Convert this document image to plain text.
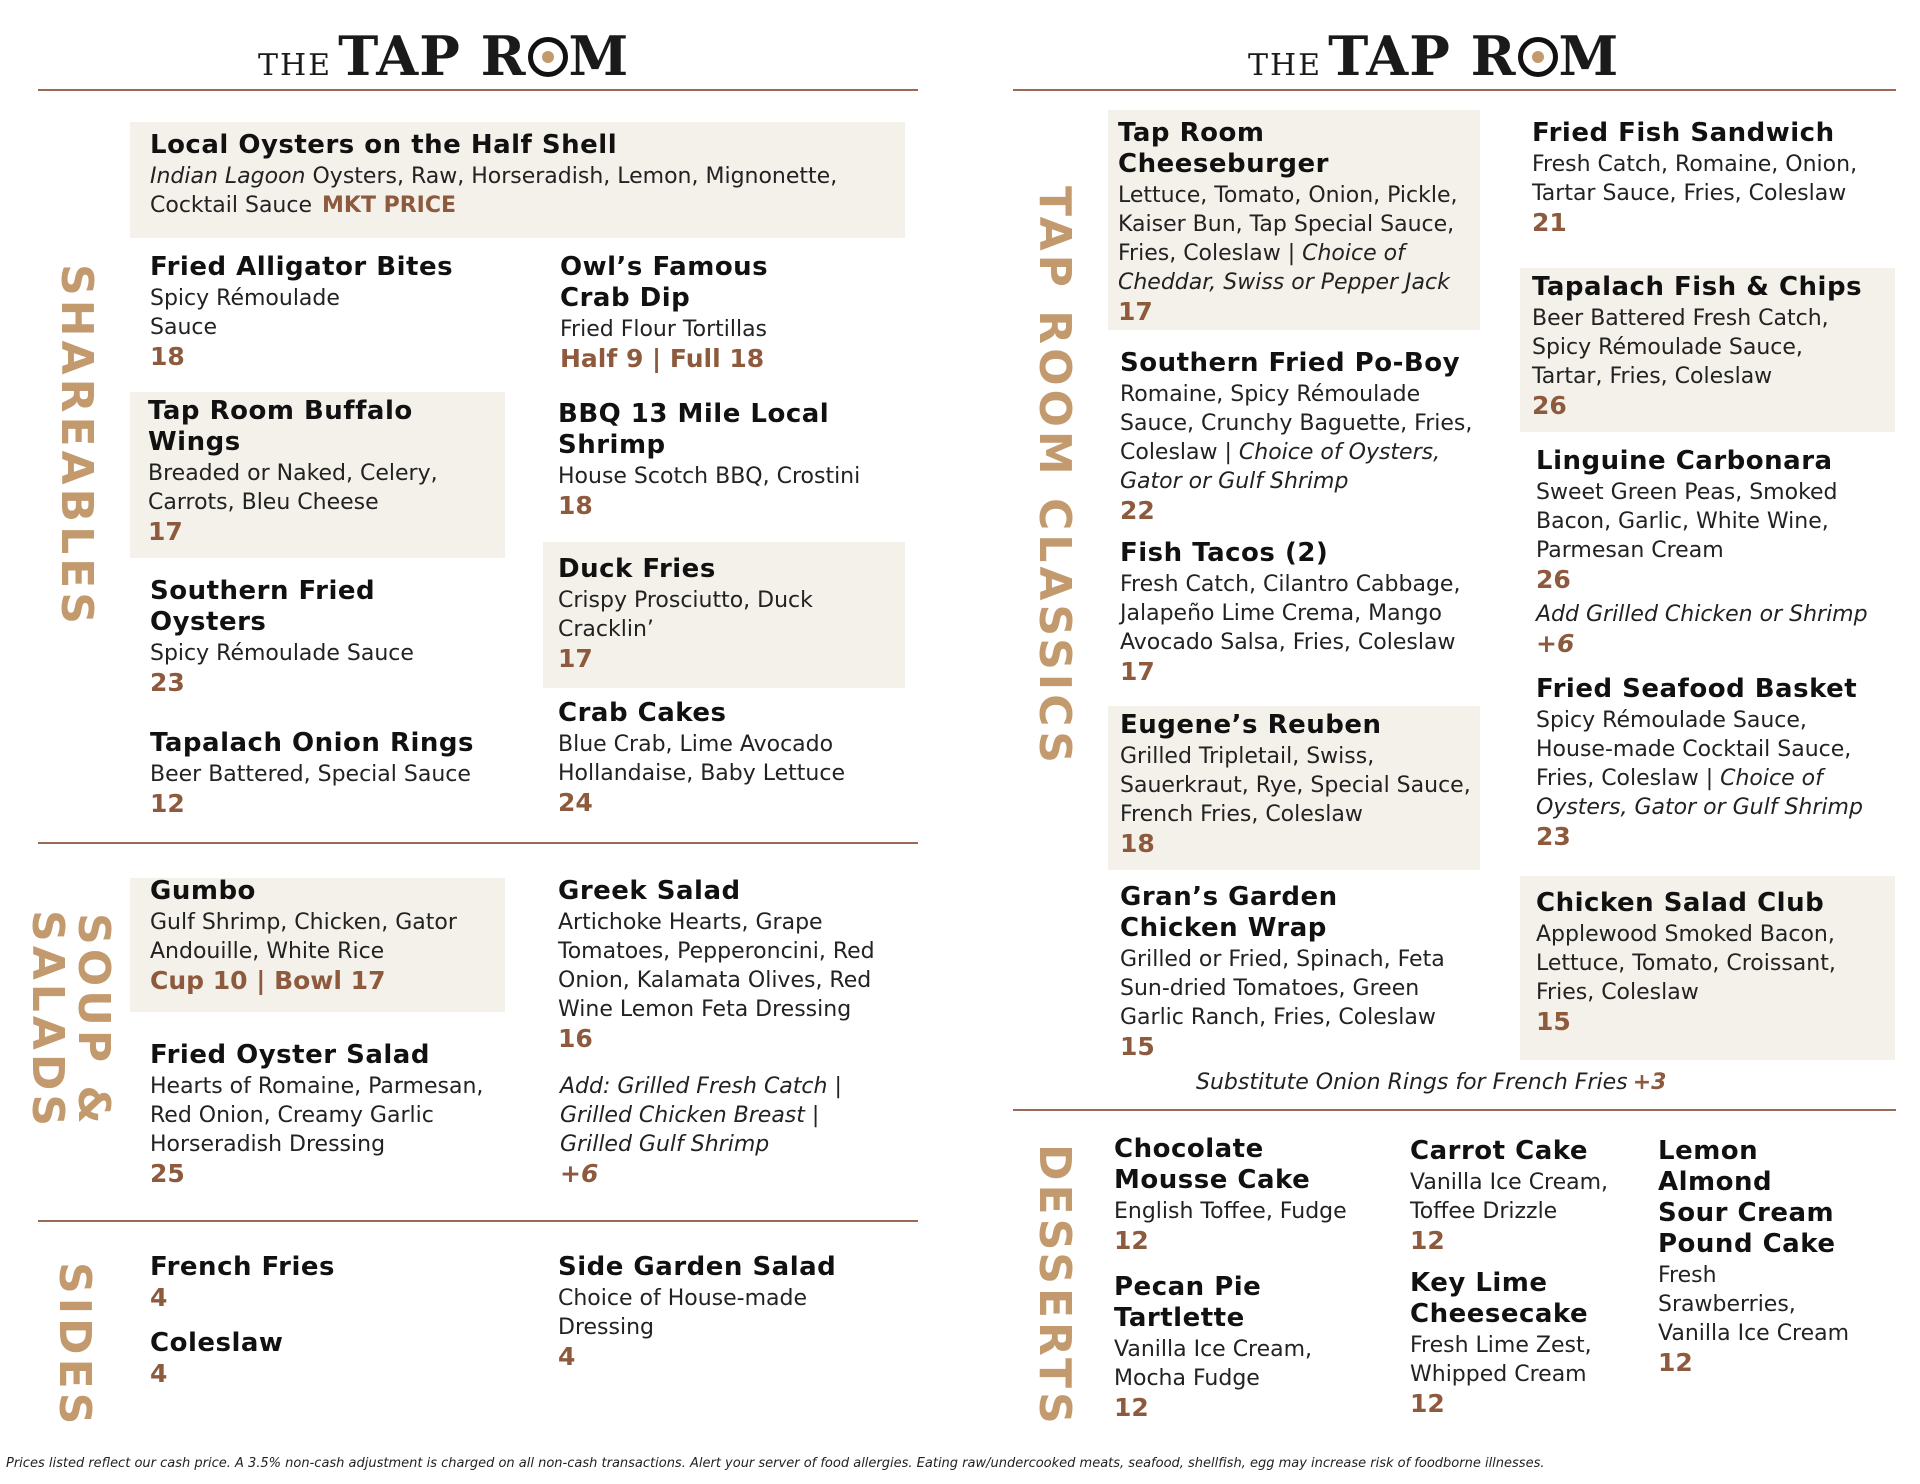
THE TAP R M	THE TAP R M
SHAREABLES
SOUP & SALADS
SIDES
TAP ROOM CLASSICS
DESSERTS
Local Oysters on the Half Shell
Indian Lagoon Oysters, Raw, Horseradish, Lemon, Mignonette,
Cocktail Sauce MKT PRICE
Fried Alligator Bites
Spicy Rémoulade
Sauce
18
Owl’s Famous
Crab Dip
Fried Flour Tortillas
Half 9 | Full 18
Tap Room Buffalo
Wings
Breaded or Naked, Celery,
Carrots, Bleu Cheese
17
BBQ 13 Mile Local
Shrimp
House Scotch BBQ, Crostini
18
Southern Fried
Oysters
Spicy Rémoulade Sauce
23
Duck Fries
Crispy Prosciutto, Duck
Cracklin’
17
Tapalach Onion Rings
Beer Battered, Special Sauce
12
Crab Cakes
Blue Crab, Lime Avocado
Hollandaise, Baby Lettuce
24
Gumbo
Gulf Shrimp, Chicken, Gator
Andouille, White Rice
Cup 10 | Bowl 17
Greek Salad
Artichoke Hearts, Grape
Tomatoes, Pepperoncini, Red
Onion, Kalamata Olives, Red
Wine Lemon Feta Dressing
16
Fried Oyster Salad
Hearts of Romaine, Parmesan,
Red Onion, Creamy Garlic
Horseradish Dressing
25
Add: Grilled Fresh Catch |
Grilled Chicken Breast |
Grilled Gulf Shrimp
+6
French Fries
4
Coleslaw
4
Side Garden Salad
Choice of House-made
Dressing
4
Tap Room
Cheeseburger
Lettuce, Tomato, Onion, Pickle,
Kaiser Bun, Tap Special Sauce,
Fries, Coleslaw | Choice of
Cheddar, Swiss or Pepper Jack
17
Southern Fried Po-Boy
Romaine, Spicy Rémoulade
Sauce, Crunchy Baguette, Fries,
Coleslaw | Choice of Oysters,
Gator or Gulf Shrimp
22
Fish Tacos (2)
Fresh Catch, Cilantro Cabbage,
Jalapeño Lime Crema, Mango
Avocado Salsa, Fries, Coleslaw
17
Eugene’s Reuben
Grilled Tripletail, Swiss,
Sauerkraut, Rye, Special Sauce,
French Fries, Coleslaw
18
Gran’s Garden
Chicken Wrap
Grilled or Fried, Spinach, Feta
Sun-dried Tomatoes, Green
Garlic Ranch, Fries, Coleslaw
15
Fried Fish Sandwich
Fresh Catch, Romaine, Onion,
Tartar Sauce, Fries, Coleslaw
21
Tapalach Fish & Chips
Beer Battered Fresh Catch,
Spicy Rémoulade Sauce,
Tartar, Fries, Coleslaw
26
Linguine Carbonara
Sweet Green Peas, Smoked
Bacon, Garlic, White Wine,
Parmesan Cream
26
Add Grilled Chicken or Shrimp
+6
Fried Seafood Basket
Spicy Rémoulade Sauce,
House-made Cocktail Sauce,
Fries, Coleslaw | Choice of
Oysters, Gator or Gulf Shrimp
23
Chicken Salad Club
Applewood Smoked Bacon,
Lettuce, Tomato, Croissant,
Fries, Coleslaw
15
Substitute Onion Rings for French Fries +3
Chocolate
Mousse Cake
English Toffee, Fudge
12
Pecan Pie
Tartlette
Vanilla Ice Cream,
Mocha Fudge
12
Carrot Cake
Vanilla Ice Cream,
Toffee Drizzle
12
Key Lime
Cheesecake
Fresh Lime Zest,
Whipped Cream
12
Lemon
Almond
Sour Cream
Pound Cake
Fresh
Srawberries,
Vanilla Ice Cream
12
Prices listed reflect our cash price. A 3.5% non-cash adjustment is charged on all non-cash transactions. Alert your server of food allergies. Eating raw/undercooked meats, seafood, shellfish, egg may increase risk of foodborne illnesses.
